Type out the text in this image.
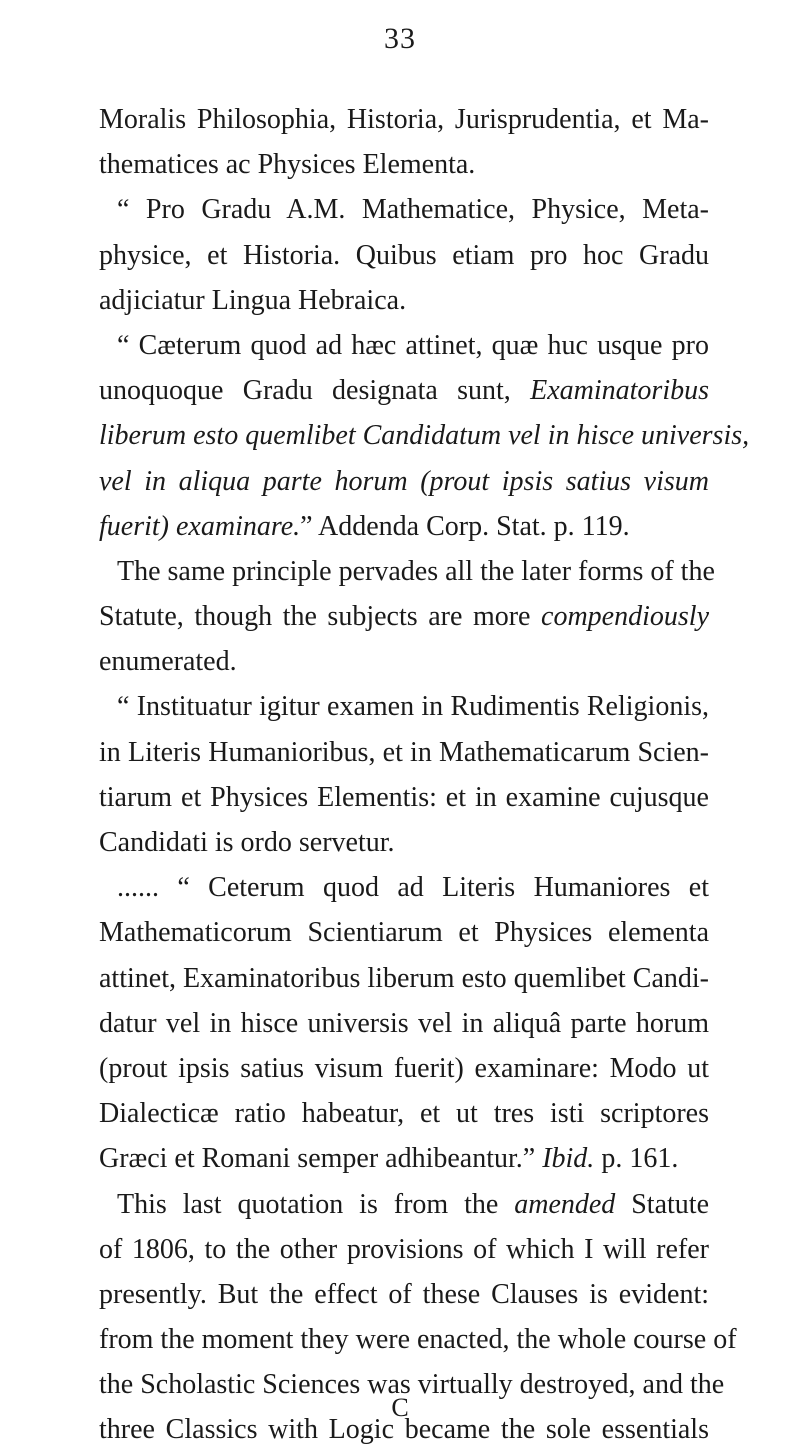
33
Moralis Philosophia, Historia, Jurisprudentia, et Ma-
thematices ac Physices Elementa.
“ Pro Gradu A.M. Mathematice, Physice, Meta-
physice, et Historia. Quibus etiam pro hoc Gradu
adjiciatur Lingua Hebraica.
“ Cæterum quod ad hæc attinet, quæ huc usque pro
unoquoque Gradu designata sunt, Examinatoribus
liberum esto quemlibet Candidatum vel in hisce universis,
vel in aliqua parte horum (prout ipsis satius visum
fuerit) examinare.” Addenda Corp. Stat. p. 119.
The same principle pervades all the later forms of the
Statute, though the subjects are more compendiously
enumerated.
“ Instituatur igitur examen in Rudimentis Religionis,
in Literis Humanioribus, et in Mathematicarum Scien-
tiarum et Physices Elementis: et in examine cujusque
Candidati is ordo servetur.
...... “ Ceterum quod ad Literis Humaniores et
Mathematicorum Scientiarum et Physices elementa
attinet, Examinatoribus liberum esto quemlibet Candi-
datur vel in hisce universis vel in aliquâ parte horum
(prout ipsis satius visum fuerit) examinare: Modo ut
Dialecticæ ratio habeatur, et ut tres isti scriptores
Græci et Romani semper adhibeantur.” Ibid. p. 161.
This last quotation is from the amended Statute
of 1806, to the other provisions of which I will refer
presently. But the effect of these Clauses is evident:
from the moment they were enacted, the whole course of
the Scholastic Sciences was virtually destroyed, and the
three Classics with Logic became the sole essentials
C
